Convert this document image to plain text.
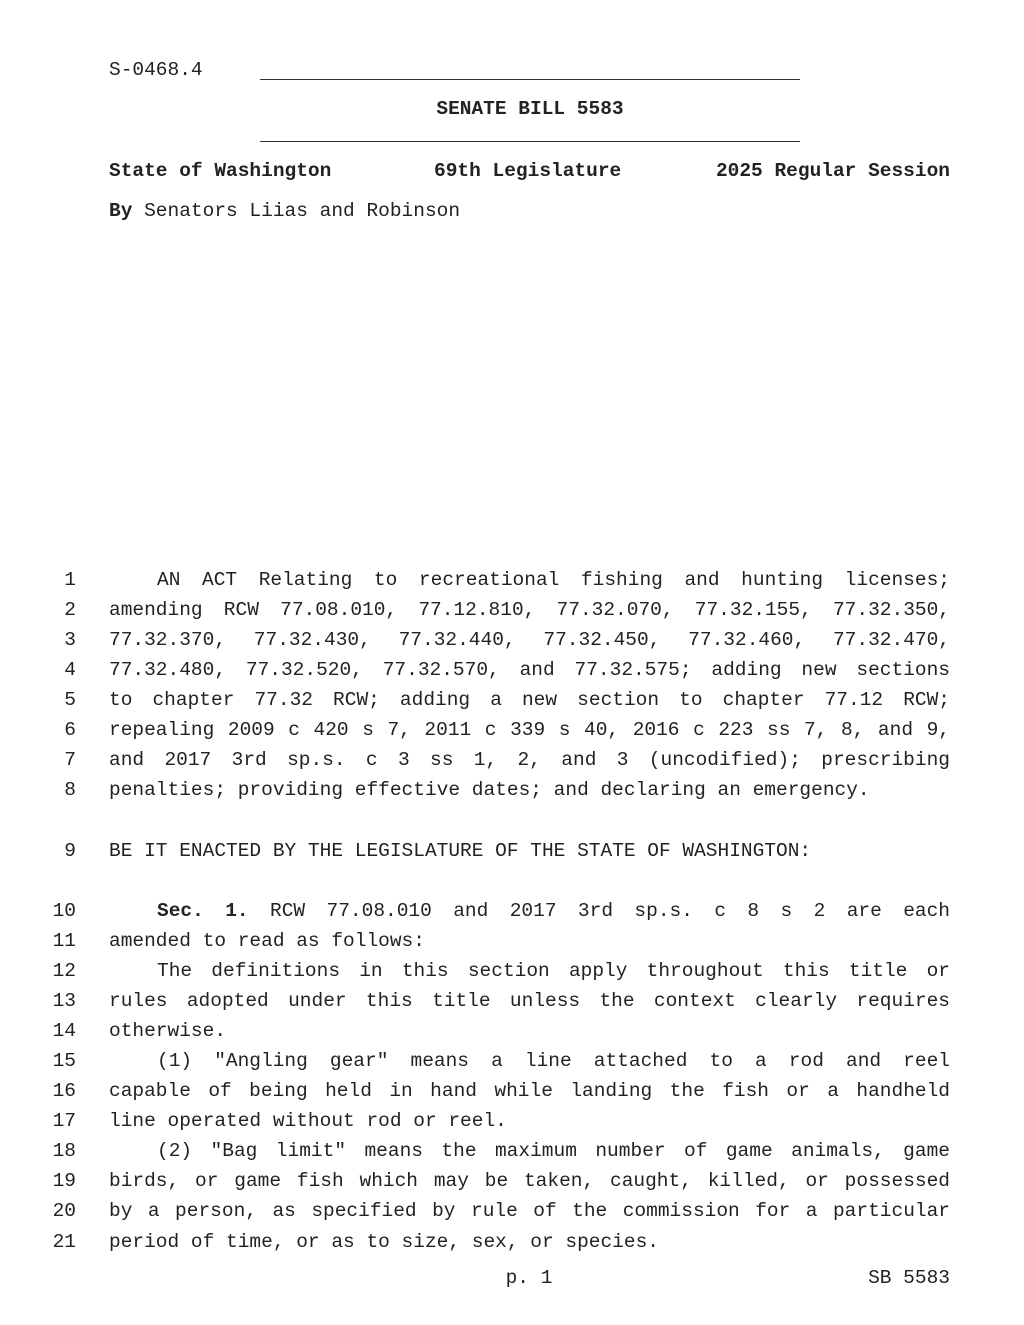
S-0468.4
SENATE BILL 5583
State of Washington	69th Legislature	2025 Regular Session
By Senators Liias and Robinson
1	AN ACT Relating to recreational fishing and hunting licenses;
2 amending RCW 77.08.010, 77.12.810, 77.32.070, 77.32.155, 77.32.350,
3 77.32.370, 77.32.430, 77.32.440, 77.32.450, 77.32.460, 77.32.470,
4 77.32.480, 77.32.520, 77.32.570, and 77.32.575; adding new sections
5 to chapter 77.32 RCW; adding a new section to chapter 77.12 RCW;
6 repealing 2009 c 420 s 7, 2011 c 339 s 40, 2016 c 223 ss 7, 8, and 9,
7 and 2017 3rd sp.s. c 3 ss 1, 2, and 3 (uncodified); prescribing
8 penalties; providing effective dates; and declaring an emergency.
9 BE IT ENACTED BY THE LEGISLATURE OF THE STATE OF WASHINGTON:
10	Sec. 1. RCW 77.08.010 and 2017 3rd sp.s. c 8 s 2 are each
11 amended to read as follows:
12	The definitions in this section apply throughout this title or
13 rules adopted under this title unless the context clearly requires
14 otherwise.
15	(1) "Angling gear" means a line attached to a rod and reel
16 capable of being held in hand while landing the fish or a handheld
17 line operated without rod or reel.
18	(2) "Bag limit" means the maximum number of game animals, game
19 birds, or game fish which may be taken, caught, killed, or possessed
20 by a person, as specified by rule of the commission for a particular
21 period of time, or as to size, sex, or species.
p. 1	SB 5583
